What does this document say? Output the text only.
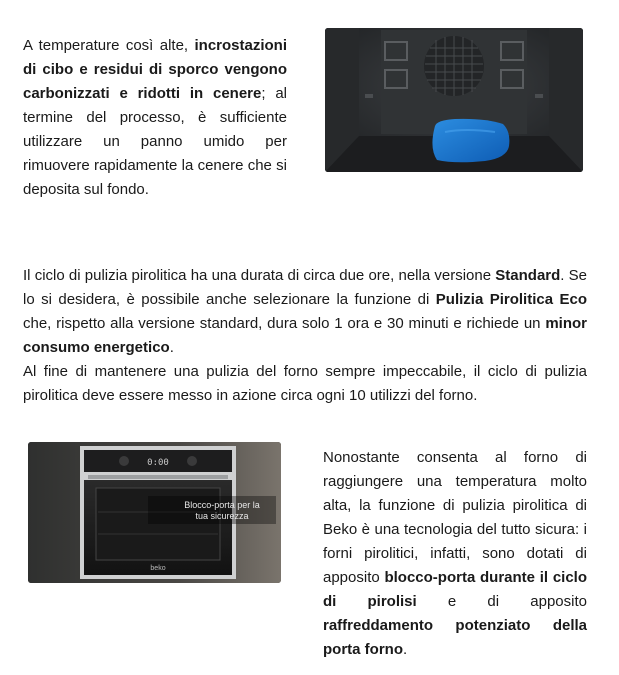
A temperature così alte, incrostazioni di cibo e residui di sporco vengono carbonizzati e ridotti in cenere; al termine del processo, è sufficiente utilizzare un panno umido per rimuovere rapidamente la cenere che si deposita sul fondo.

Il ciclo di pulizia pirolitica ha una durata di circa due ore, nella versione Standard. Se lo si desidera, è possibile anche selezionare la funzione di Pulizia Pirolitica Eco che, rispetto alla versione standard, dura solo 1 ora e 30 minuti e richiede un minor consumo energetico.

Al fine di mantenere una pulizia del forno sempre impeccabile, il ciclo di pulizia pirolitica deve essere messo in azione circa ogni 10 utilizzi del forno.

0:00
beko
Blocco-porta per la
tua sicurezza

Nonostante consenta al forno di raggiungere una temperatura molto alta, la funzione di pulizia pirolitica di Beko è una tecnologia del tutto sicura: i forni pirolitici, infatti, sono dotati di apposito blocco-porta durante il ciclo di pirolisi e di apposito raffreddamento potenziato della porta forno.
